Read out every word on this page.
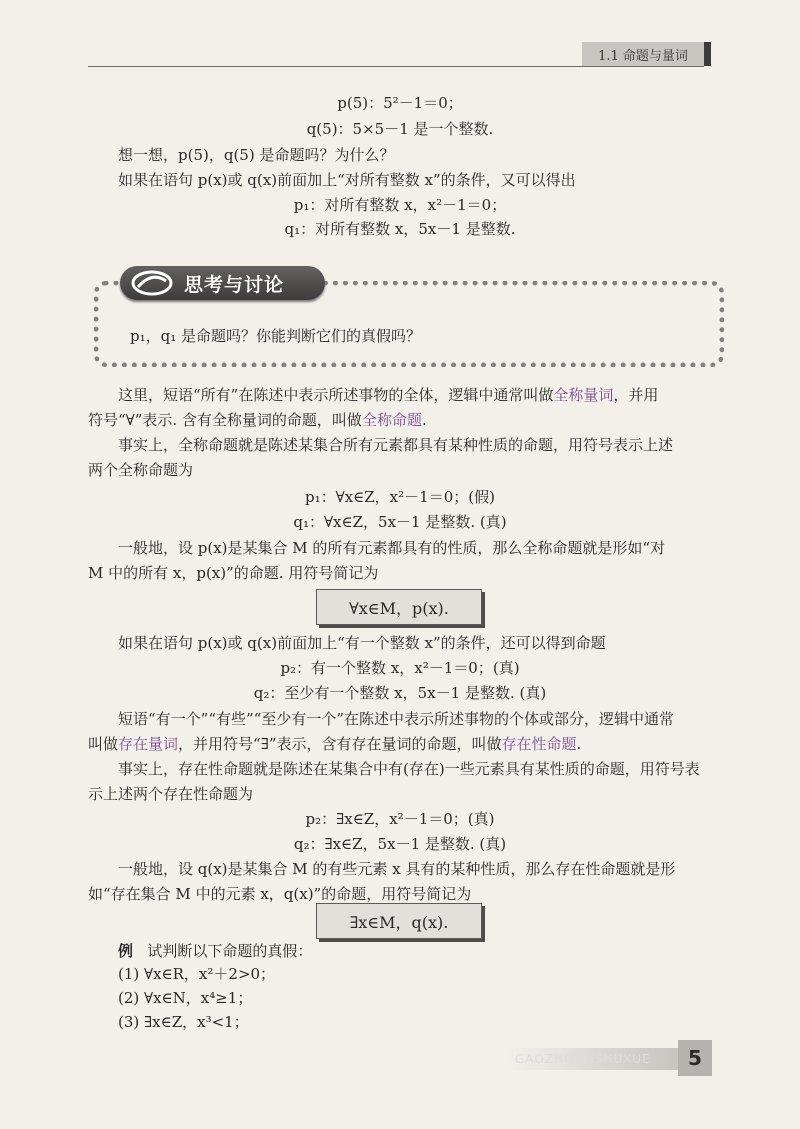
1.1 命题与量词
p(5)：5²－1＝0；
q(5)：5×5－1 是一个整数.
想一想，p(5)，q(5) 是命题吗？为什么？
如果在语句 p(x)或 q(x)前面加上“对所有整数 x”的条件，又可以得出
p₁：对所有整数 x，x²－1＝0；
q₁：对所有整数 x，5x－1 是整数.
思考与讨论
p₁，q₁ 是命题吗？你能判断它们的真假吗？
这里，短语“所有”在陈述中表示所述事物的全体，逻辑中通常叫做全称量词，并用
符号“∀”表示. 含有全称量词的命题，叫做全称命题.
事实上，全称命题就是陈述某集合所有元素都具有某种性质的命题，用符号表示上述
两个全称命题为
p₁：∀x∈Z，x²－1＝0；(假)
q₁：∀x∈Z，5x－1 是整数. (真)
一般地，设 p(x)是某集合 M 的所有元素都具有的性质，那么全称命题就是形如“对
M 中的所有 x，p(x)”的命题. 用符号简记为
∀x∈M，p(x).
如果在语句 p(x)或 q(x)前面加上“有一个整数 x”的条件，还可以得到命题
p₂：有一个整数 x，x²－1＝0；(真)
q₂：至少有一个整数 x，5x－1 是整数. (真)
短语“有一个”“有些”“至少有一个”在陈述中表示所述事物的个体或部分，逻辑中通常
叫做存在量词，并用符号“∃”表示，含有存在量词的命题，叫做存在性命题.
事实上，存在性命题就是陈述在某集合中有(存在)一些元素具有某性质的命题，用符号表
示上述两个存在性命题为
p₂：∃x∈Z，x²－1＝0；(真)
q₂：∃x∈Z，5x－1 是整数. (真)
一般地，设 q(x)是某集合 M 的有些元素 x 具有的某种性质，那么存在性命题就是形
如“存在集合 M 中的元素 x，q(x)”的命题，用符号简记为
∃x∈M，q(x).
例 试判断以下命题的真假：
(1) ∀x∈R，x²＋2>0；
(2) ∀x∈N，x⁴≥1；
(3) ∃x∈Z，x³<1；
GAOZHONGSHUXUE	5
